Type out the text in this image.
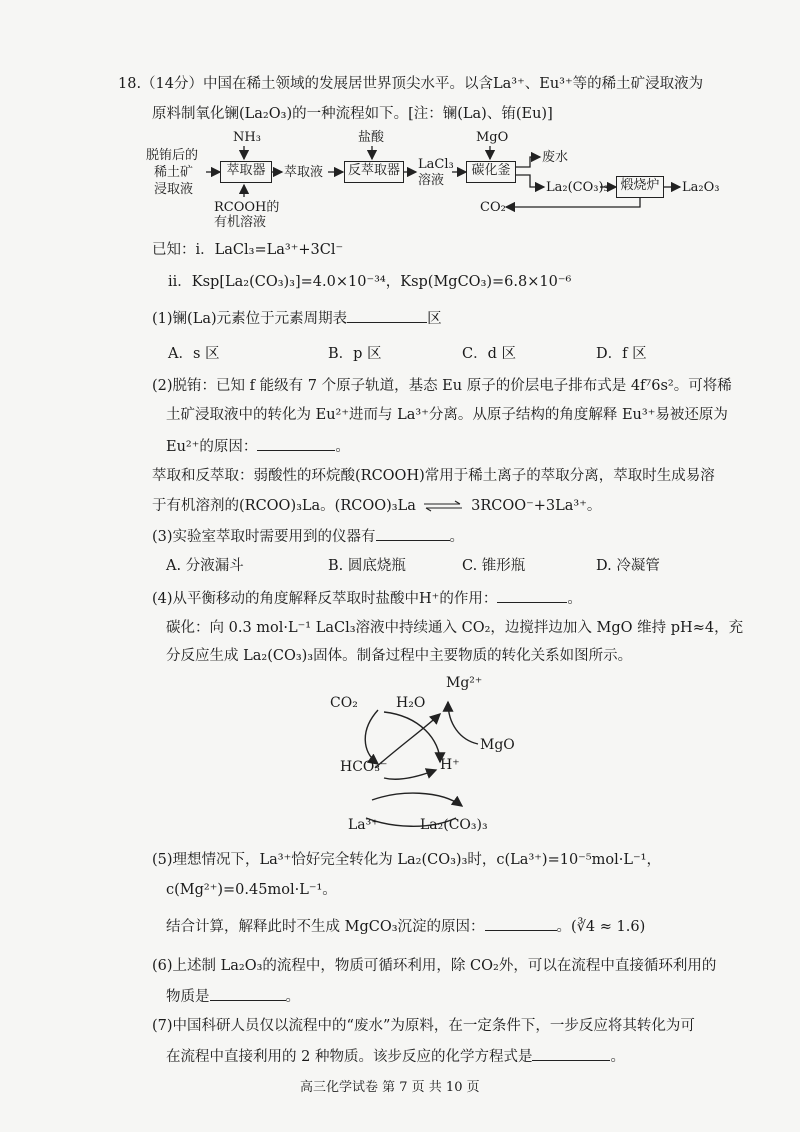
18.（14分）中国在稀土领域的发展居世界顶尖水平。以含La³⁺、Eu³⁺等的稀土矿浸取液为
原料制氧化镧(La₂O₃)的一种流程如下。[注：镧(La)、铕(Eu)]
脱铕后的
稀土矿
浸取液
NH₃
萃取器
RCOOH的
有机溶液
萃取液
盐酸
反萃取器	LaCl₃
溶液
MgO
碳化釜
废水
La₂(CO₃)₃ 煅烧炉	La₂O₃
CO₂
已知：i．LaCl₃=La³⁺+3Cl⁻
ii．Ksp[La₂(CO₃)₃]=4.0×10⁻³⁴，Ksp(MgCO₃)=6.8×10⁻⁶
(1)镧(La)元素位于元素周期表	区
A．s 区	B．p 区	C．d 区	D．f 区
(2)脱铕：已知 f 能级有 7 个原子轨道，基态 Eu 原子的价层电子排布式是 4f⁷6s²。可将稀
土矿浸取液中的转化为 Eu²⁺进而与 La³⁺分离。从原子结构的角度解释 Eu³⁺易被还原为
Eu²⁺的原因：	。
萃取和反萃取：弱酸性的环烷酸(RCOOH)常用于稀土离子的萃取分离，萃取时生成易溶
于有机溶剂的(RCOO)₃La。(RCOO)₃La ⇌ 3RCOO⁻+3La³⁺。
(3)实验室萃取时需要用到的仪器有	。
A. 分液漏斗	B. 圆底烧瓶	C. 锥形瓶	D. 冷凝管
(4)从平衡移动的角度解释反萃取时盐酸中H⁺的作用：	。
碳化：向 0.3 mol·L⁻¹ LaCl₃溶液中持续通入 CO₂，边搅拌边加入 MgO 维持 pH≈4，充
分反应生成 La₂(CO₃)₃固体。制备过程中主要物质的转化关系如图所示。
CO₂	H₂O
Mg²⁺
MgO
HCO₃⁻	H⁺
La³⁺	La₂(CO₃)₃
(5)理想情况下，La³⁺恰好完全转化为 La₂(CO₃)₃时，c(La³⁺)=10⁻⁵mol·L⁻¹，
c(Mg²⁺)=0.45mol·L⁻¹。
结合计算，解释此时不生成 MgCO₃沉淀的原因：	。(∛4 ≈ 1.6)
(6)上述制 La₂O₃的流程中，物质可循环利用，除 CO₂外，可以在流程中直接循环利用的
物质是	。
(7)中国科研人员仅以流程中的“废水”为原料，在一定条件下，一步反应将其转化为可
在流程中直接利用的 2 种物质。该步反应的化学方程式是	。
高三化学试卷 第 7 页 共 10 页
